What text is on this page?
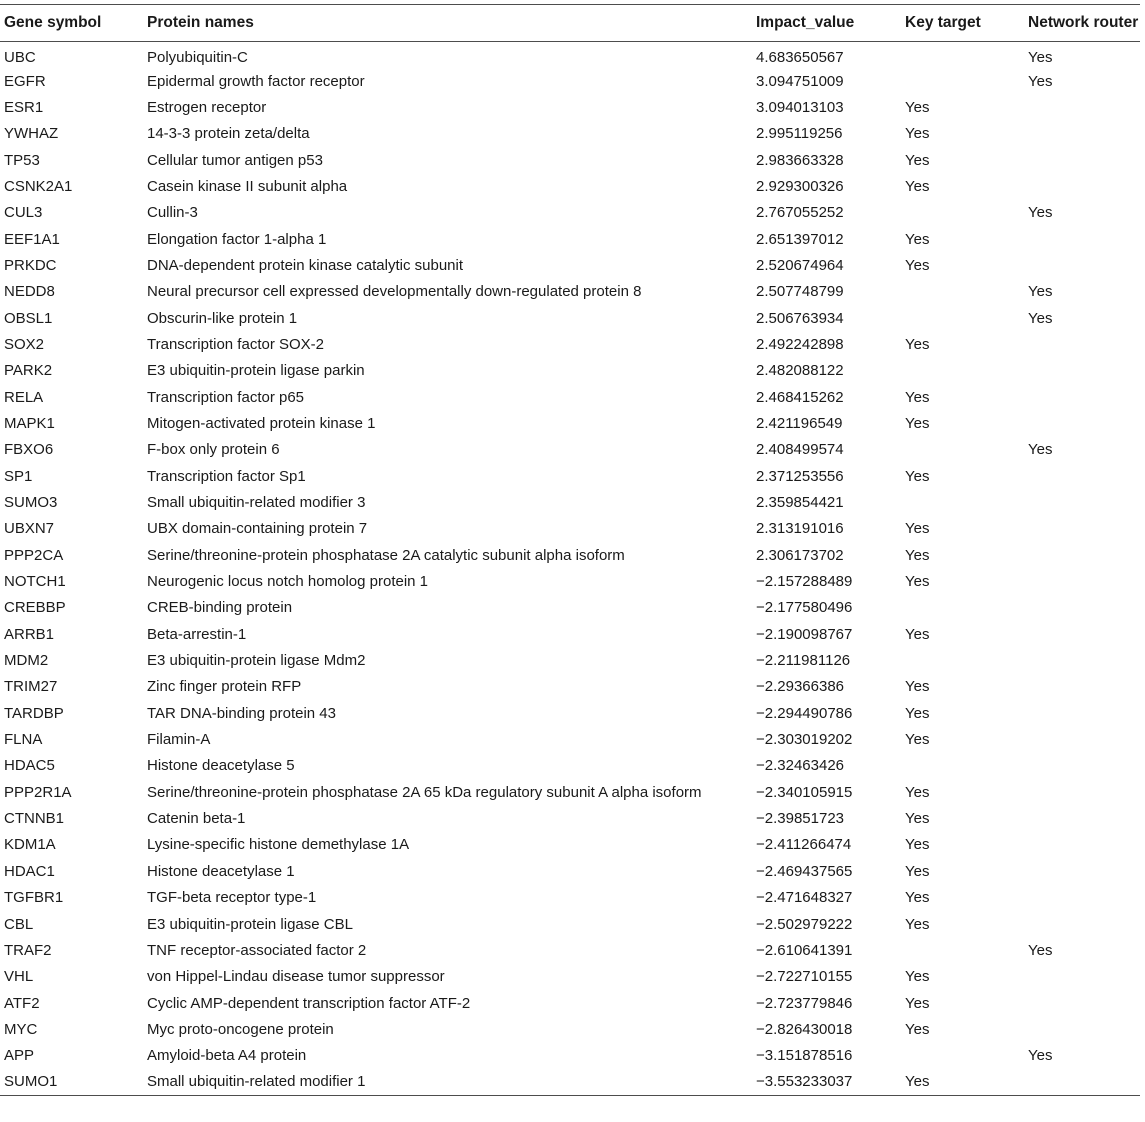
Gene symbol	Protein names	Impact_value	Key target	Network router
UBC	Polyubiquitin-C	4.683650567		Yes
EGFR	Epidermal growth factor receptor	3.094751009		Yes
ESR1	Estrogen receptor	3.094013103	Yes	
YWHAZ	14-3-3 protein zeta/delta	2.995119256	Yes	
TP53	Cellular tumor antigen p53	2.983663328	Yes	
CSNK2A1	Casein kinase II subunit alpha	2.929300326	Yes	
CUL3	Cullin-3	2.767055252		Yes
EEF1A1	Elongation factor 1-alpha 1	2.651397012	Yes	
PRKDC	DNA-dependent protein kinase catalytic subunit	2.520674964	Yes	
NEDD8	Neural precursor cell expressed developmentally down-regulated protein 8	2.507748799		Yes
OBSL1	Obscurin-like protein 1	2.506763934		Yes
SOX2	Transcription factor SOX-2	2.492242898	Yes	
PARK2	E3 ubiquitin-protein ligase parkin	2.482088122		
RELA	Transcription factor p65	2.468415262	Yes	
MAPK1	Mitogen-activated protein kinase 1	2.421196549	Yes	
FBXO6	F-box only protein 6	2.408499574		Yes
SP1	Transcription factor Sp1	2.371253556	Yes	
SUMO3	Small ubiquitin-related modifier 3	2.359854421		
UBXN7	UBX domain-containing protein 7	2.313191016	Yes	
PPP2CA	Serine/threonine-protein phosphatase 2A catalytic subunit alpha isoform	2.306173702	Yes	
NOTCH1	Neurogenic locus notch homolog protein 1	−2.157288489	Yes	
CREBBP	CREB-binding protein	−2.177580496		
ARRB1	Beta-arrestin-1	−2.190098767	Yes	
MDM2	E3 ubiquitin-protein ligase Mdm2	−2.211981126		
TRIM27	Zinc finger protein RFP	−2.29366386	Yes	
TARDBP	TAR DNA-binding protein 43	−2.294490786	Yes	
FLNA	Filamin-A	−2.303019202	Yes	
HDAC5	Histone deacetylase 5	−2.32463426		
PPP2R1A	Serine/threonine-protein phosphatase 2A 65 kDa regulatory subunit A alpha isoform	−2.340105915	Yes	
CTNNB1	Catenin beta-1	−2.39851723	Yes	
KDM1A	Lysine-specific histone demethylase 1A	−2.411266474	Yes	
HDAC1	Histone deacetylase 1	−2.469437565	Yes	
TGFBR1	TGF-beta receptor type-1	−2.471648327	Yes	
CBL	E3 ubiquitin-protein ligase CBL	−2.502979222	Yes	
TRAF2	TNF receptor-associated factor 2	−2.610641391		Yes
VHL	von Hippel-Lindau disease tumor suppressor	−2.722710155	Yes	
ATF2	Cyclic AMP-dependent transcription factor ATF-2	−2.723779846	Yes	
MYC	Myc proto-oncogene protein	−2.826430018	Yes	
APP	Amyloid-beta A4 protein	−3.151878516		Yes
SUMO1	Small ubiquitin-related modifier 1	−3.553233037	Yes	
